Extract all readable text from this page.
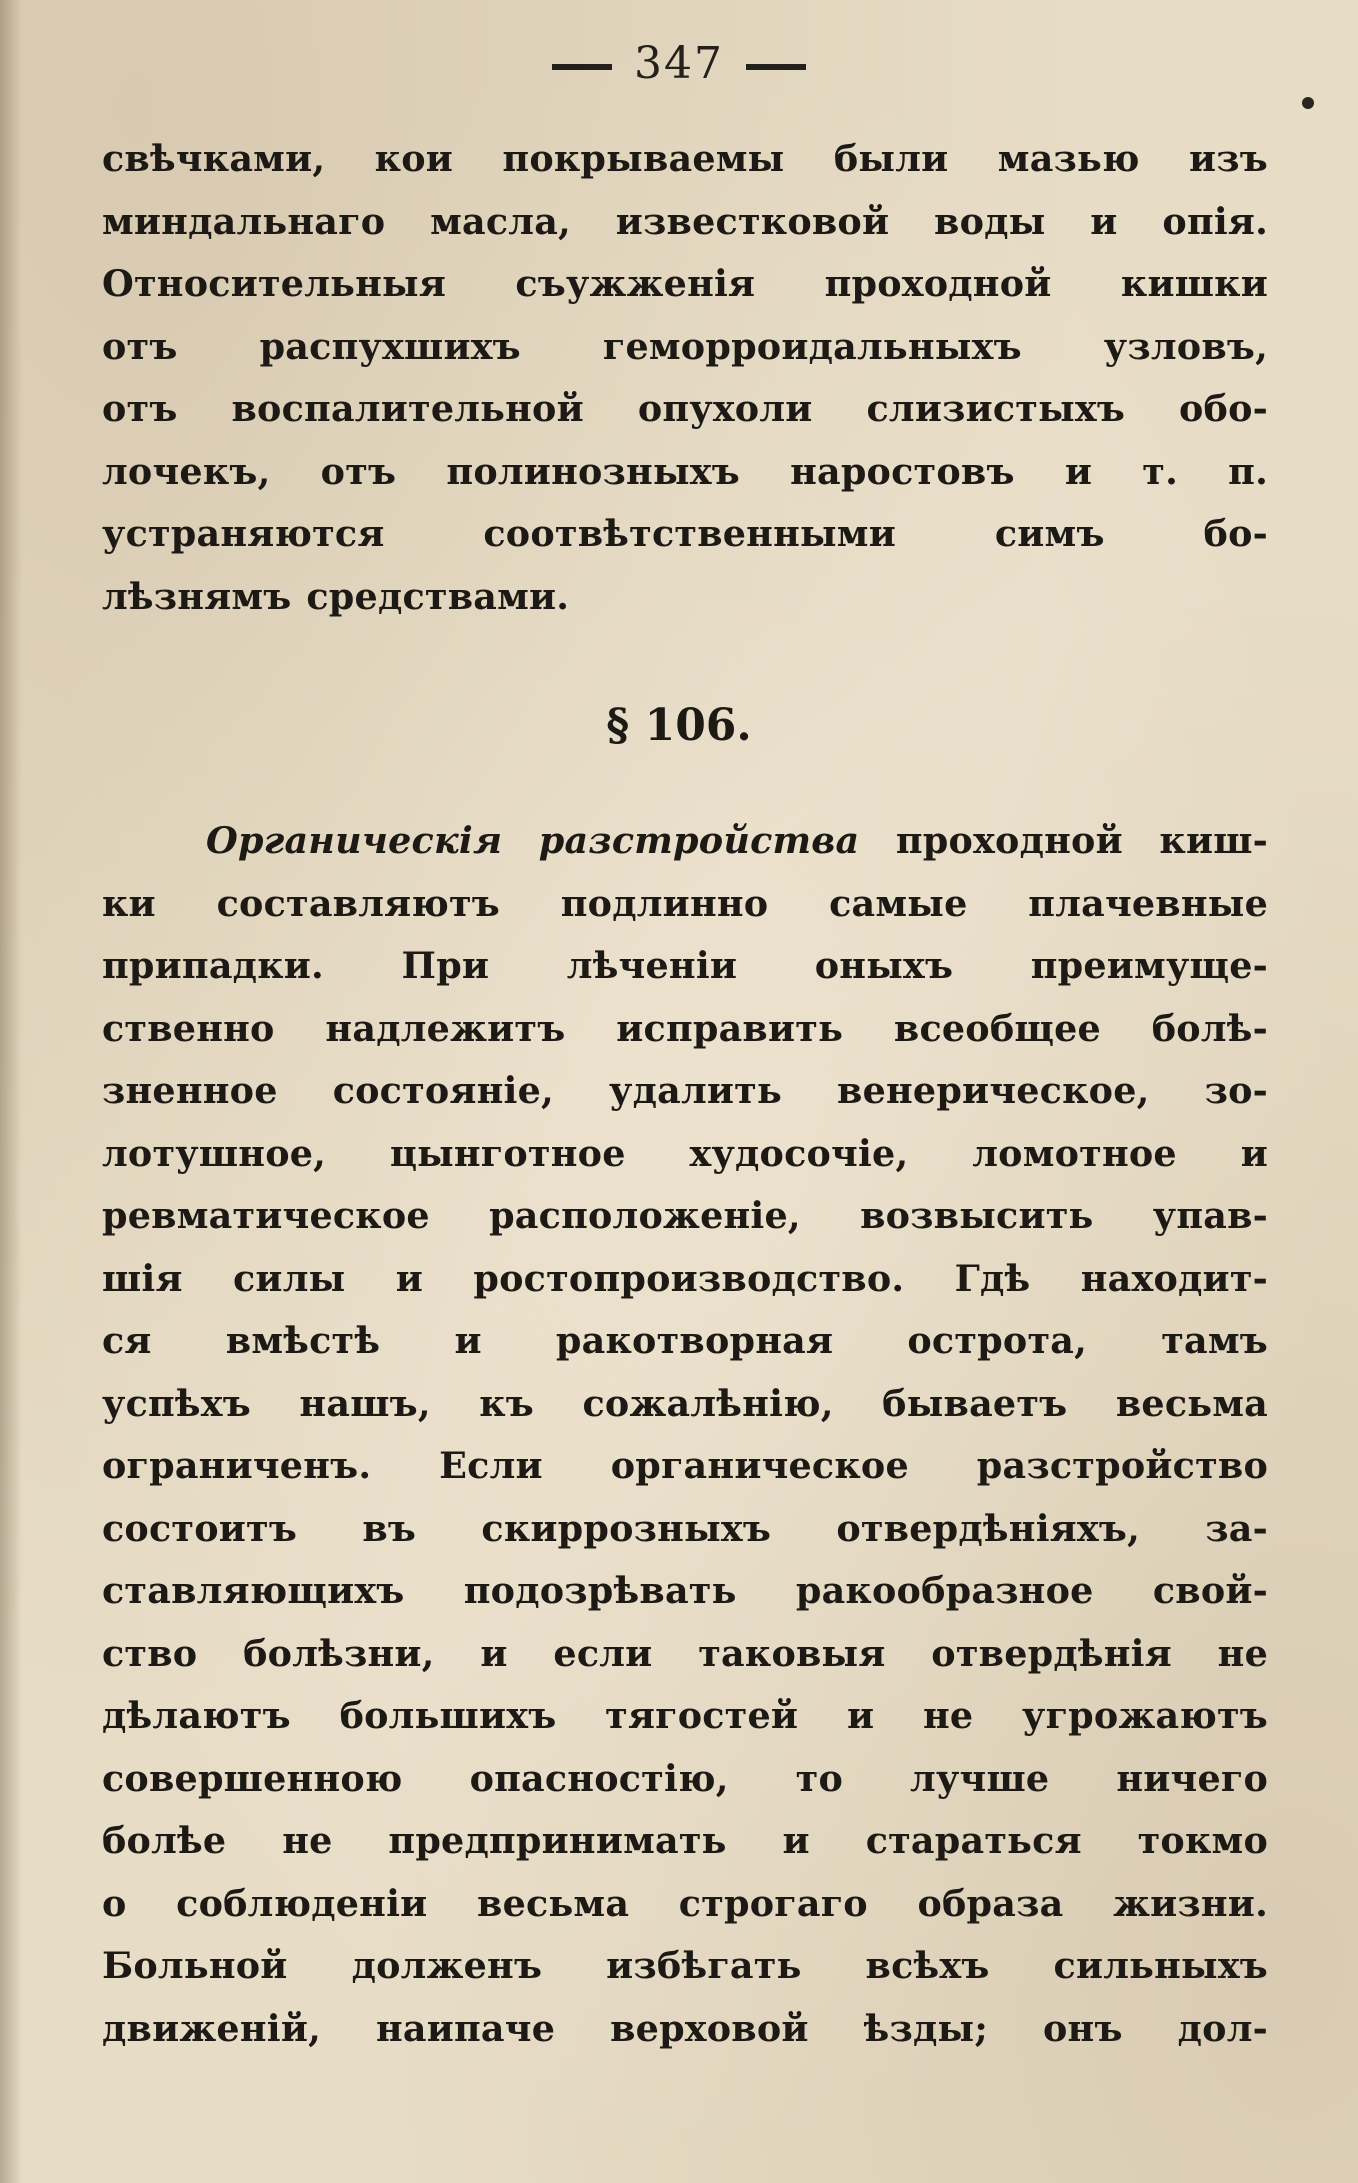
347
свѣчками, кои покрываемы были мазью изъ
миндальнаго масла, известковой воды и опія.
Относительныя съужженія проходной кишки
отъ распухшихъ геморроидальныхъ узловъ,
отъ воспалительной опухоли слизистыхъ обо-
лочекъ, отъ полинозныхъ наростовъ и т. п.
устраняются соотвѣтственными симъ бо-
лѣзнямъ средствами.
§ 106.
Органическія разстройства проходной киш-
ки составляютъ подлинно самые плачевные
припадки. При лѣченіи оныхъ преимуще-
ственно надлежитъ исправить всеобщее болѣ-
зненное состояніе, удалить венерическое, зо-
лотушное, цынготное худосочіе, ломотное и
ревматическое расположеніе, возвысить упав-
шія силы и ростопроизводство. Гдѣ находит-
ся вмѣстѣ и ракотворная острота, тамъ
успѣхъ нашъ, къ сожалѣнію, бываетъ весьма
ограниченъ. Если органическое разстройство
состоитъ въ скиррозныхъ отвердѣніяхъ, за-
ставляющихъ подозрѣвать ракообразное свой-
ство болѣзни, и если таковыя отвердѣнія не
дѣлаютъ большихъ тягостей и не угрожаютъ
совершенною опасностію, то лучше ничего
болѣе не предпринимать и стараться токмо
о соблюденіи весьма строгаго образа жизни.
Больной долженъ избѣгать всѣхъ сильныхъ
движеній, наипаче верховой ѣзды; онъ дол-
